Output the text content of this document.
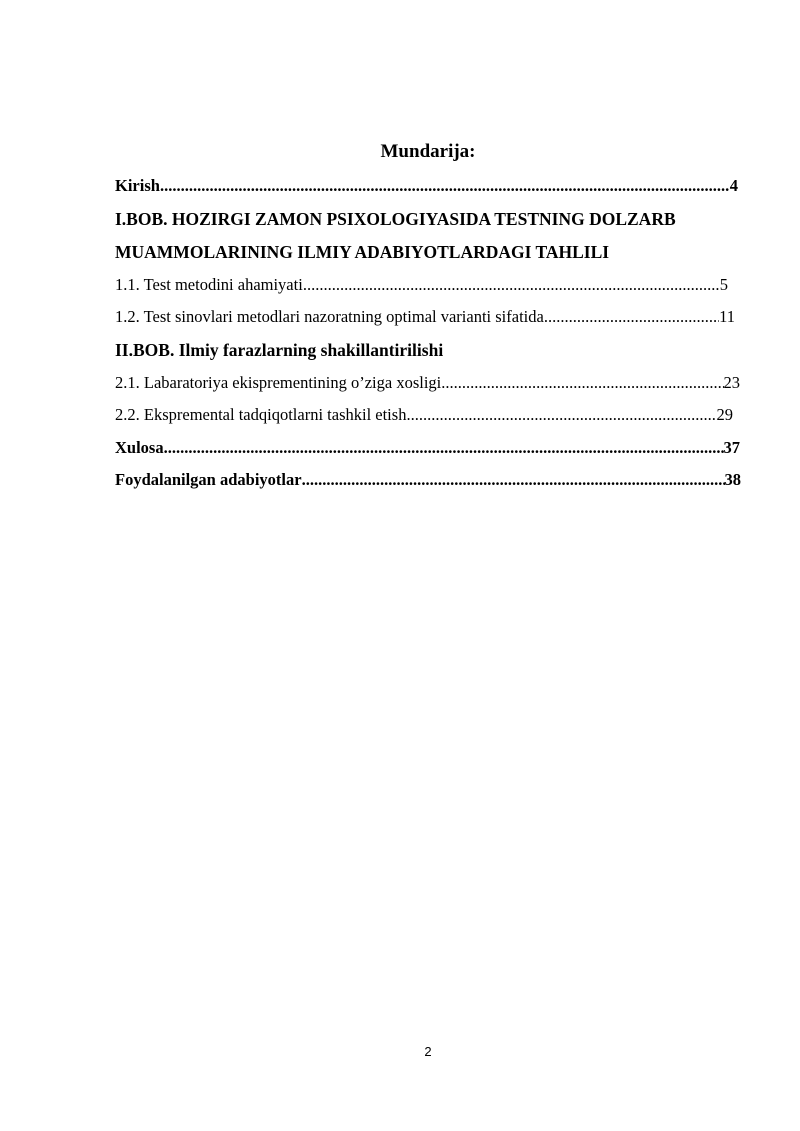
Mundarija:
Kirish .....	4
I.BOB. HOZIRGI ZAMON PSIXOLOGIYASIDA TESTNING DOLZARB
MUAMMOLARINING ILMIY ADABIYOTLARDAGI TAHLILI
1.1. Test metodini ahamiyati .....	5
1.2. Test sinovlari metodlari nazoratning optimal varianti sifatida .....	11
II.BOB. Ilmiy farazlarning shakillantirilishi
2.1. Labaratoriya ekisprementining o’ziga xosligi .....	23
2.2. Ekspremental tadqiqotlarni tashkil etish .....	29
Xulosa .....	37
Foydalanilgan adabiyotlar .....	38
2
